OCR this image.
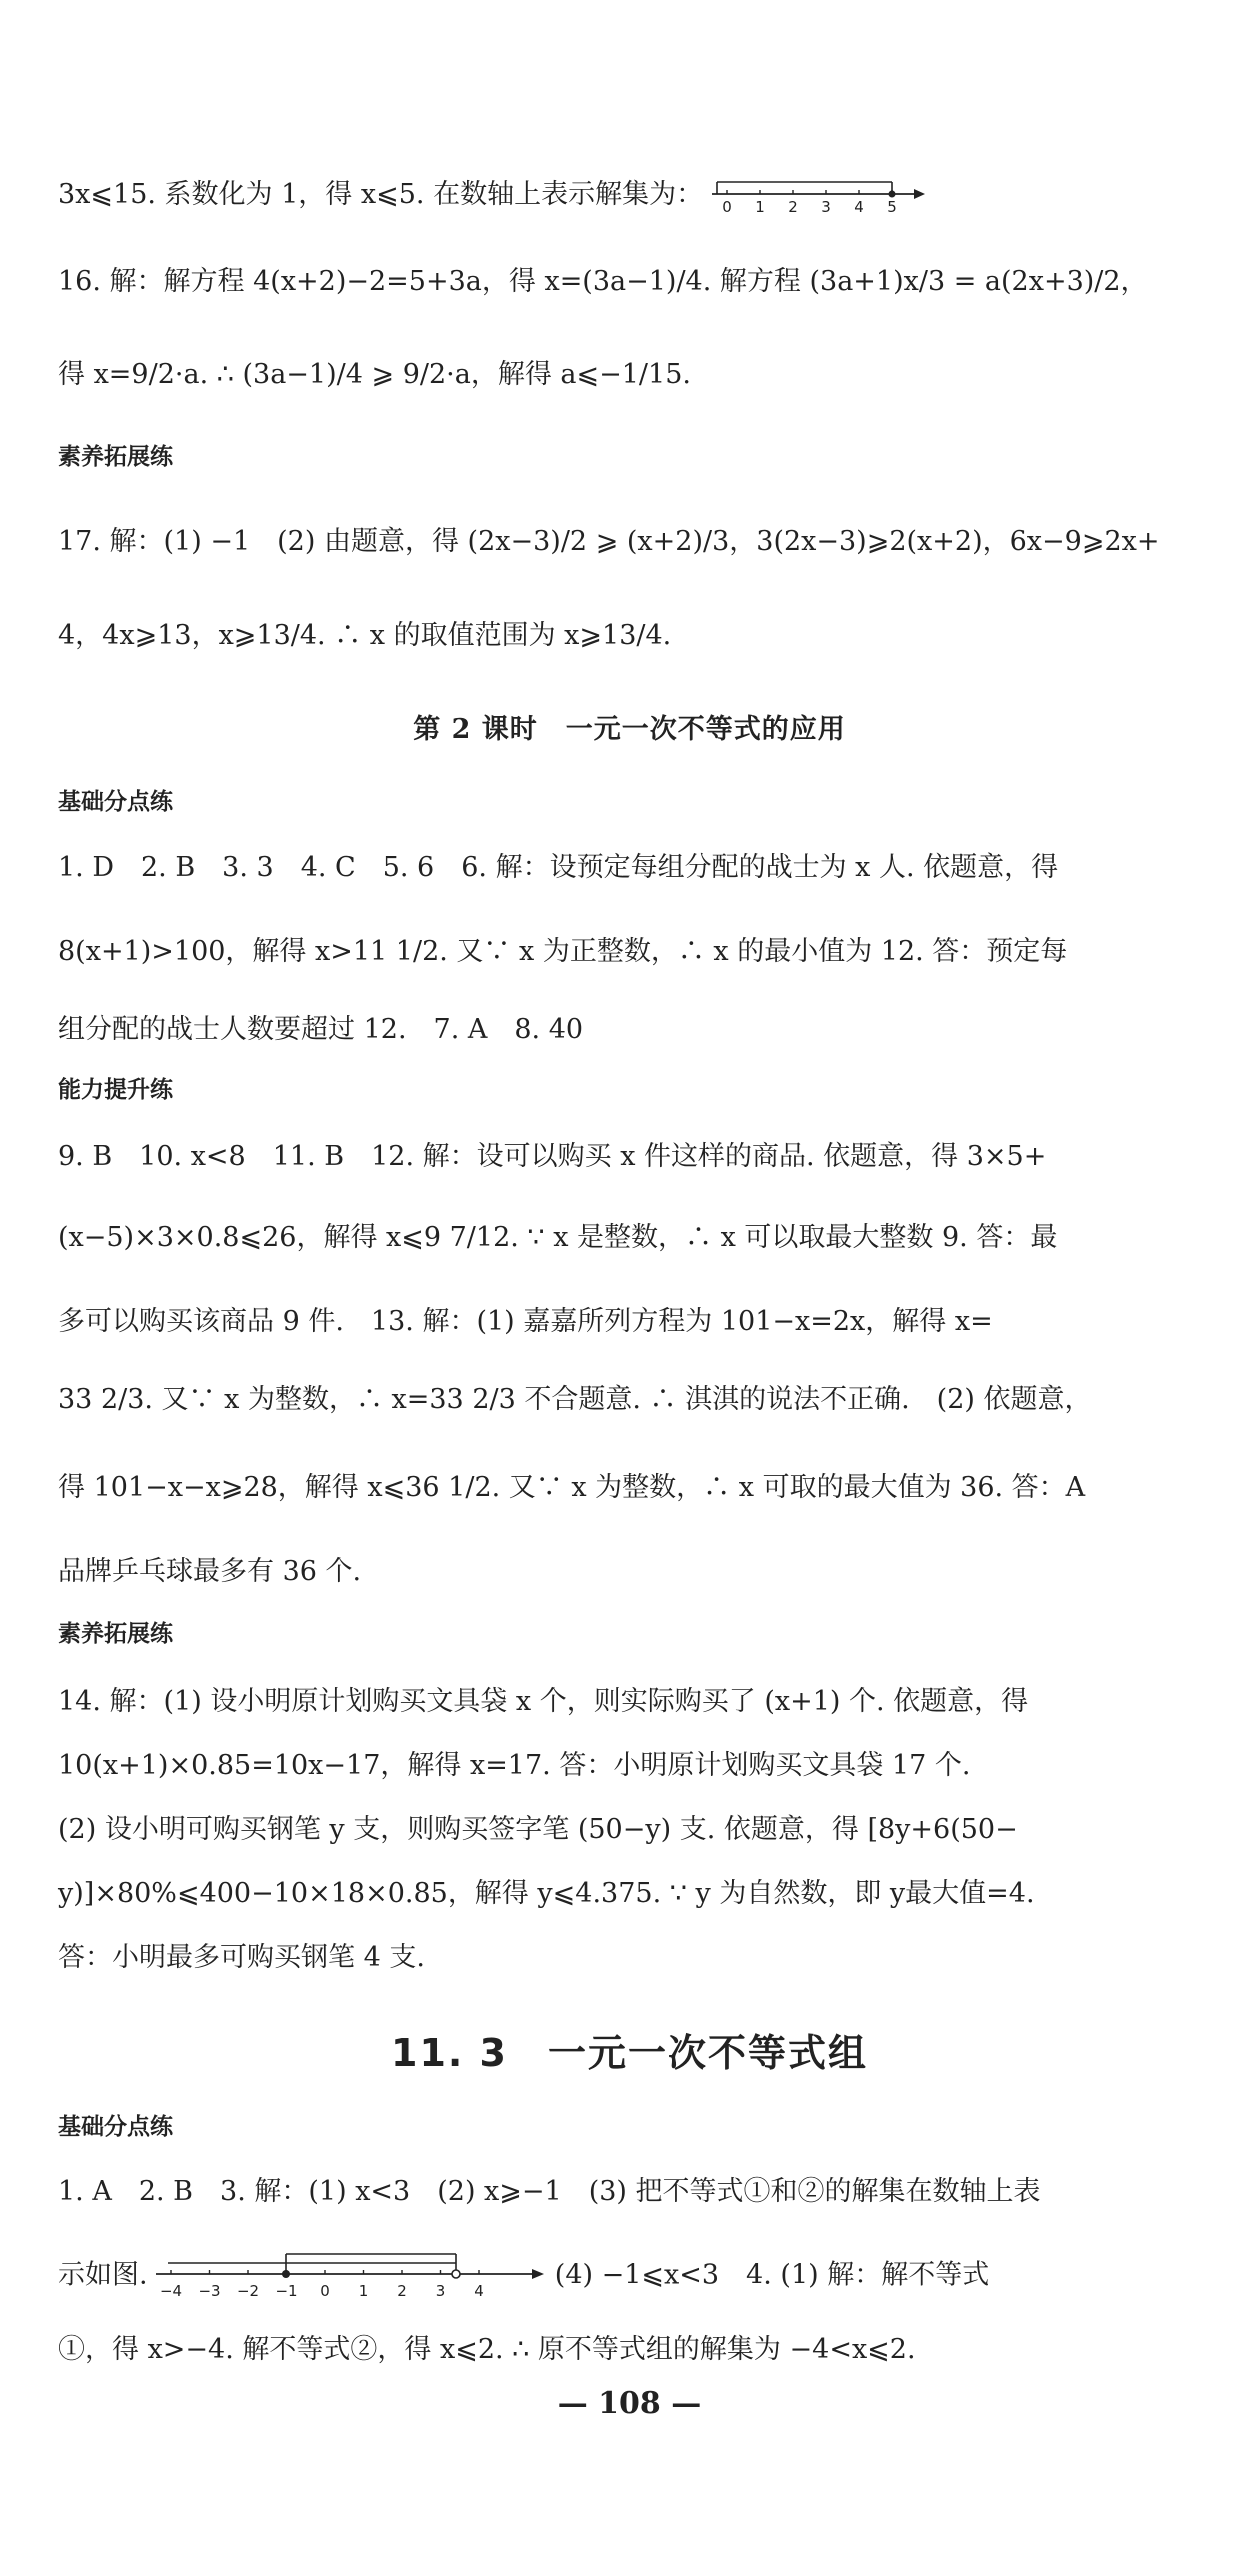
3x⩽15. 系数化为 1，得 x⩽5. 在数轴上表示解集为： 0 1 2 3 4 5
16. 解：解方程 4(x+2)−2=5+3a，得 x=(3a−1)/4. 解方程 (3a+1)x/3 = a(2x+3)/2，
得 x=9/2·a. ∴ (3a−1)/4 ⩾ 9/2·a，解得 a⩽−1/15.
素养拓展练
17. 解：(1) −1　(2) 由题意，得 (2x−3)/2 ⩾ (x+2)/3，3(2x−3)⩾2(x+2)，6x−9⩾2x+
4，4x⩾13，x⩾13/4. ∴ x 的取值范围为 x⩾13/4.
第 2 课时　一元一次不等式的应用
基础分点练
1. D　2. B　3. 3　4. C　5. 6　6. 解：设预定每组分配的战士为 x 人. 依题意，得
8(x+1)>100，解得 x>11 1/2. 又∵ x 为正整数，∴ x 的最小值为 12. 答：预定每
组分配的战士人数要超过 12.　7. A　8. 40
能力提升练
9. B　10. x<8　11. B　12. 解：设可以购买 x 件这样的商品. 依题意，得 3×5+
(x−5)×3×0.8⩽26，解得 x⩽9 7/12. ∵ x 是整数，∴ x 可以取最大整数 9. 答：最
多可以购买该商品 9 件.　13. 解：(1) 嘉嘉所列方程为 101−x=2x，解得 x=
33 2/3. 又∵ x 为整数，∴ x=33 2/3 不合题意. ∴ 淇淇的说法不正确.　(2) 依题意，
得 101−x−x⩾28，解得 x⩽36 1/2. 又∵ x 为整数，∴ x 可取的最大值为 36. 答：A
品牌乒乓球最多有 36 个.
素养拓展练
14. 解：(1) 设小明原计划购买文具袋 x 个，则实际购买了 (x+1) 个. 依题意，得
10(x+1)×0.85=10x−17，解得 x=17. 答：小明原计划购买文具袋 17 个.
(2) 设小明可购买钢笔 y 支，则购买签字笔 (50−y) 支. 依题意，得 [8y+6(50−
y)]×80%⩽400−10×18×0.85，解得 y⩽4.375. ∵ y 为自然数，即 y最大值=4.
答：小明最多可购买钢笔 4 支.
11. 3　一元一次不等式组
基础分点练
1. A　2. B　3. 解：(1) x<3　(2) x⩾−1　(3) 把不等式①和②的解集在数轴上表
示如图.
−4 −3 −2 −1 0 1 2 3 4
(4) −1⩽x<3　4. (1) 解：解不等式
①，得 x>−4. 解不等式②，得 x⩽2. ∴ 原不等式组的解集为 −4<x⩽2.
— 108 —
